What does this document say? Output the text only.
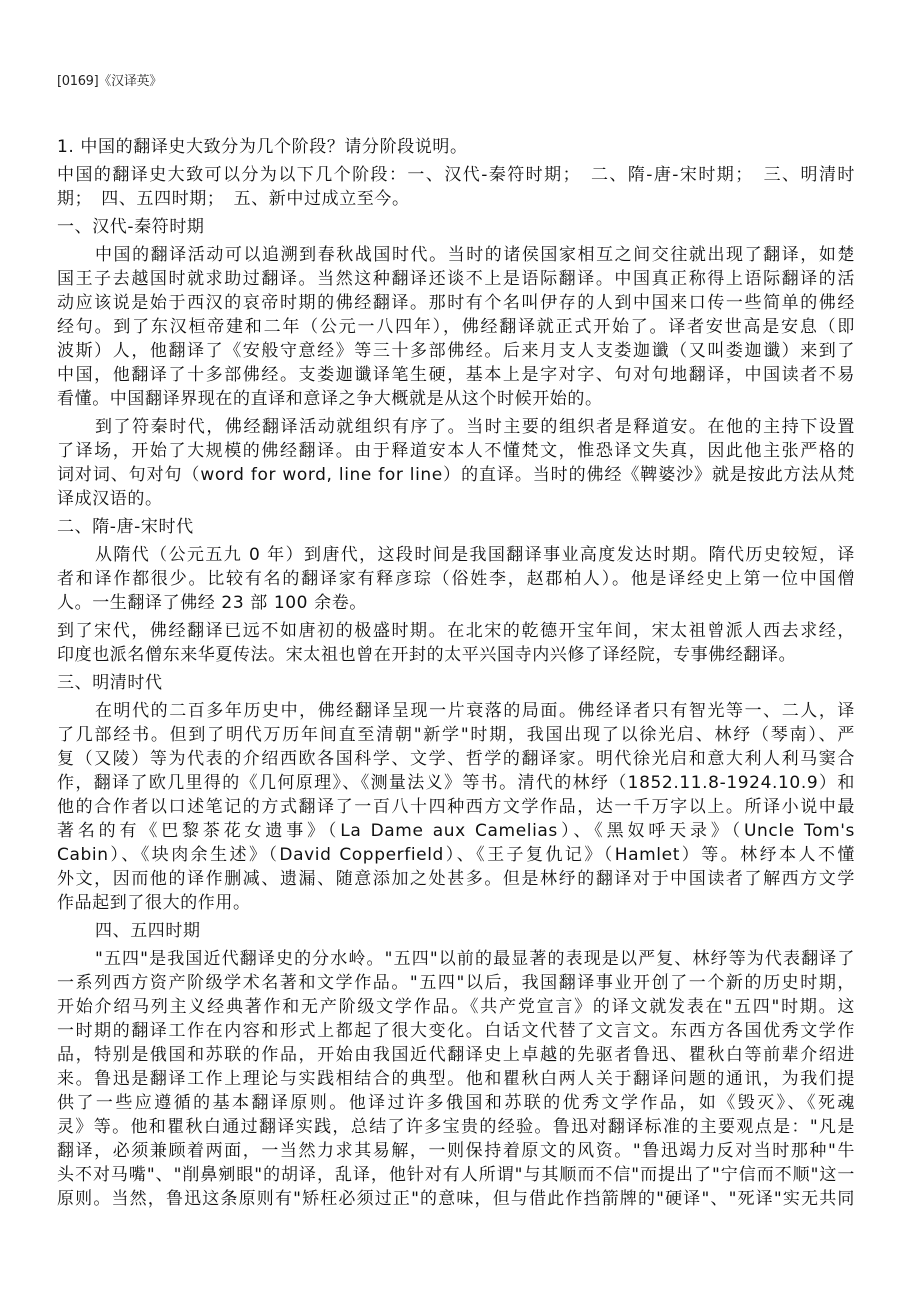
[0169]《汉译英》
1. 中国的翻译史大致分为几个阶段？请分阶段说明。
中国的翻译史大致可以分为以下几个阶段：一、汉代-秦符时期；　二、隋-唐-宋时期；　三、明清时
期；　四、五四时期；　五、新中过成立至今。
一、汉代-秦符时期
中国的翻译活动可以追溯到春秋战国时代。当时的诸侯国家相互之间交往就出现了翻译，如楚
国王子去越国时就求助过翻译。当然这种翻译还谈不上是语际翻译。中国真正称得上语际翻译的活
动应该说是始于西汉的哀帝时期的佛经翻译。那时有个名叫伊存的人到中国来口传一些简单的佛经
经句。到了东汉桓帝建和二年（公元一八四年），佛经翻译就正式开始了。译者安世高是安息（即
波斯）人，他翻译了《安般守意经》等三十多部佛经。后来月支人支娄迦谶（又叫娄迦谶）来到了
中国，他翻译了十多部佛经。支娄迦谶译笔生硬，基本上是字对字、句对句地翻译，中国读者不易
看懂。中国翻译界现在的直译和意译之争大概就是从这个时候开始的。
到了符秦时代，佛经翻译活动就组织有序了。当时主要的组织者是释道安。在他的主持下设置
了译场，开始了大规模的佛经翻译。由于释道安本人不懂梵文，惟恐译文失真，因此他主张严格的
词对词、句对句（word for word, line for line）的直译。当时的佛经《鞞婆沙》就是按此方法从梵
译成汉语的。
二、隋-唐-宋时代
从隋代（公元五九 0 年）到唐代，这段时间是我国翻译事业高度发达时期。隋代历史较短，译
者和译作都很少。比较有名的翻译家有释彦琮（俗姓李，赵郡柏人）。他是译经史上第一位中国僧
人。一生翻译了佛经 23 部 100 余卷。
到了宋代，佛经翻译已远不如唐初的极盛时期。在北宋的乾德开宝年间，宋太祖曾派人西去求经，
印度也派名僧东来华夏传法。宋太祖也曾在开封的太平兴国寺内兴修了译经院，专事佛经翻译。
三、明清时代
在明代的二百多年历史中，佛经翻译呈现一片衰落的局面。佛经译者只有智光等一、二人，译
了几部经书。但到了明代万历年间直至清朝"新学"时期，我国出现了以徐光启、林纾（琴南）、严
复（又陵）等为代表的介绍西欧各国科学、文学、哲学的翻译家。明代徐光启和意大利人利马窦合
作，翻译了欧几里得的《几何原理》、《测量法义》等书。清代的林纾（1852.11.8-1924.10.9）和
他的合作者以口述笔记的方式翻译了一百八十四种西方文学作品，达一千万字以上。所译小说中最
著名的有《巴黎茶花女遗事》（La Dame aux Camelias）、《黑奴呼天录》（Uncle Tom's
Cabin）、《块肉余生述》（David Copperfield）、《王子复仇记》（Hamlet）等。林纾本人不懂
外文，因而他的译作删减、遗漏、随意添加之处甚多。但是林纾的翻译对于中国读者了解西方文学
作品起到了很大的作用。
四、五四时期
"五四"是我国近代翻译史的分水岭。"五四"以前的最显著的表现是以严复、林纾等为代表翻译了
一系列西方资产阶级学术名著和文学作品。"五四"以后，我国翻译事业开创了一个新的历史时期，
开始介绍马列主义经典著作和无产阶级文学作品。《共产党宣言》的译文就发表在"五四"时期。这
一时期的翻译工作在内容和形式上都起了很大变化。白话文代替了文言文。东西方各国优秀文学作
品，特别是俄国和苏联的作品，开始由我国近代翻译史上卓越的先驱者鲁迅、瞿秋白等前辈介绍进
来。鲁迅是翻译工作上理论与实践相结合的典型。他和瞿秋白两人关于翻译问题的通讯，为我们提
供了一些应遵循的基本翻译原则。他译过许多俄国和苏联的优秀文学作品，如《毁灭》、《死魂
灵》等。他和瞿秋白通过翻译实践，总结了许多宝贵的经验。鲁迅对翻译标准的主要观点是："凡是
翻译，必须兼顾着两面，一当然力求其易解，一则保持着原文的风资。"鲁迅竭力反对当时那种"牛
头不对马嘴"、"削鼻剜眼"的胡译，乱译，他针对有人所谓"与其顺而不信"而提出了"宁信而不顺"这一
原则。当然，鲁迅这条原则有"矫枉必须过正"的意味，但与借此作挡箭牌的"硬译"、"死译"实无共同
